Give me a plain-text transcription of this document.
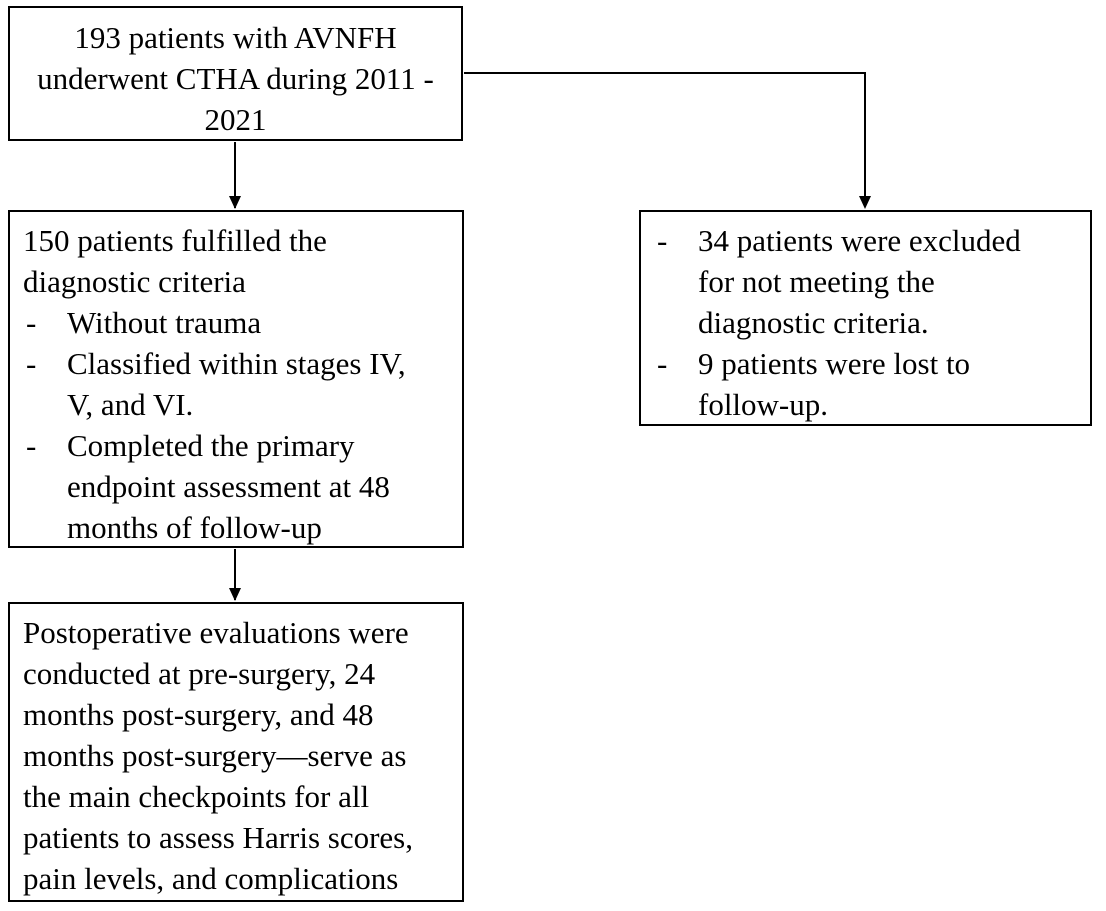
193 patients with AVNFH
underwent CTHA during 2011 -
2021
150 patients fulfilled the
diagnostic criteria
- Without trauma
- Classified within stages IV,
V, and VI.
- Completed the primary
endpoint assessment at 48
months of follow-up
- 34 patients were excluded
for not meeting the
diagnostic criteria.
- 9 patients were lost to
follow-up.
Postoperative evaluations were
conducted at pre-surgery, 24
months post-surgery, and 48
months post-surgery—serve as
the main checkpoints for all
patients to assess Harris scores,
pain levels, and complications
